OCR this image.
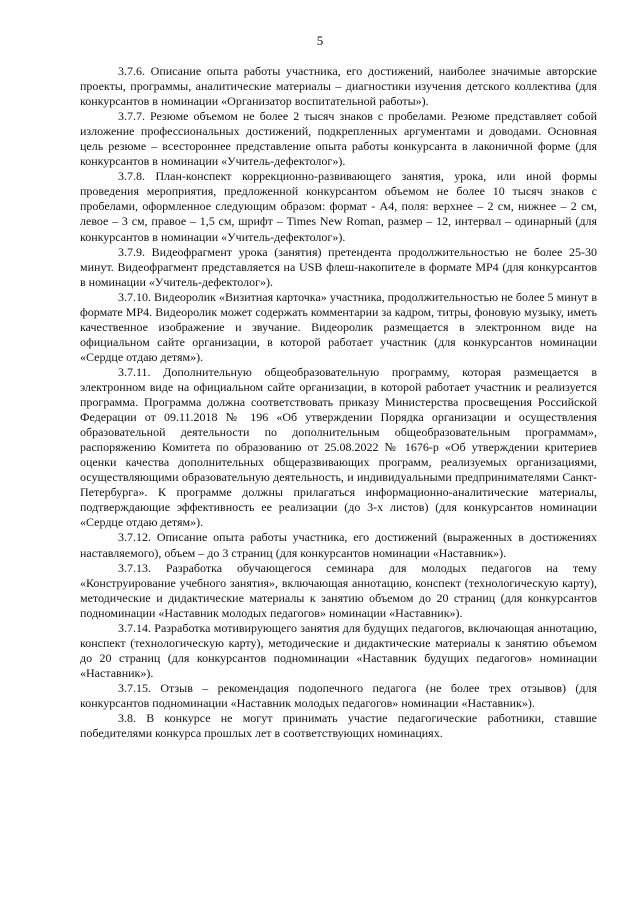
5

3.7.6. Описание опыта работы участника, его достижений, наиболее значимые авторские проекты, программы, аналитические материалы – диагностики изучения детского коллектива (для конкурсантов в номинации «Организатор воспитательной работы»).

3.7.7. Резюме объемом не более 2 тысяч знаков с пробелами. Резюме представляет собой изложение профессиональных достижений, подкрепленных аргументами и доводами. Основная цель резюме – всестороннее представление опыта работы конкурсанта в лаконичной форме (для конкурсантов в номинации «Учитель-дефектолог»).

3.7.8. План-конспект коррекционно-развивающего занятия, урока, или иной формы проведения мероприятия, предложенной конкурсантом объемом не более 10 тысяч знаков с пробелами, оформленное следующим образом: формат - А4, поля: верхнее – 2 см, нижнее – 2 см, левое – 3 см, правое – 1,5 см, шрифт – Times New Roman, размер – 12, интервал – одинарный (для конкурсантов в номинации «Учитель-дефектолог»).

3.7.9. Видеофрагмент урока (занятия) претендента продолжительностью не более 25-30 минут. Видеофрагмент представляется на USB флеш-накопителе в формате MP4 (для конкурсантов в номинации «Учитель-дефектолог»).

3.7.10. Видеоролик «Визитная карточка» участника, продолжительностью не более 5 минут в формате MP4. Видеоролик может содержать комментарии за кадром, титры, фоновую музыку, иметь качественное изображение и звучание. Видеоролик размещается в электронном виде на официальном сайте организации, в которой работает участник (для конкурсантов номинации «Сердце отдаю детям»).

3.7.11. Дополнительную общеобразовательную программу, которая размещается в электронном виде на официальном сайте организации, в которой работает участник и реализуется программа. Программа должна соответствовать приказу Министерства просвещения Российской Федерации от 09.11.2018 № 196 «Об утверждении Порядка организации и осуществления образовательной деятельности по дополнительным общеобразовательным программам», распоряжению Комитета по образованию от 25.08.2022 № 1676-р «Об утверждении критериев оценки качества дополнительных общеразвивающих программ, реализуемых организациями, осуществляющими образовательную деятельность, и индивидуальными предпринимателями Санкт-Петербурга». К программе должны прилагаться информационно-аналитические материалы, подтверждающие эффективность ее реализации (до 3-х листов) (для конкурсантов номинации «Сердце отдаю детям»).

3.7.12. Описание опыта работы участника, его достижений (выраженных в достижениях наставляемого), объем – до 3 страниц (для конкурсантов номинации «Наставник»).

3.7.13. Разработка обучающегося семинара для молодых педагогов на тему «Конструирование учебного занятия», включающая аннотацию, конспект (технологическую карту), методические и дидактические материалы к занятию объемом до 20 страниц (для конкурсантов подноминации «Наставник молодых педагогов» номинации «Наставник»).

3.7.14. Разработка мотивирующего занятия для будущих педагогов, включающая аннотацию, конспект (технологическую карту), методические и дидактические материалы к занятию объемом до 20 страниц (для конкурсантов подноминации «Наставник будущих педагогов» номинации «Наставник»).

3.7.15. Отзыв – рекомендация подопечного педагога (не более трех отзывов) (для конкурсантов подноминации «Наставник молодых педагогов» номинации «Наставник»).

3.8. В конкурсе не могут принимать участие педагогические работники, ставшие победителями конкурса прошлых лет в соответствующих номинациях.
